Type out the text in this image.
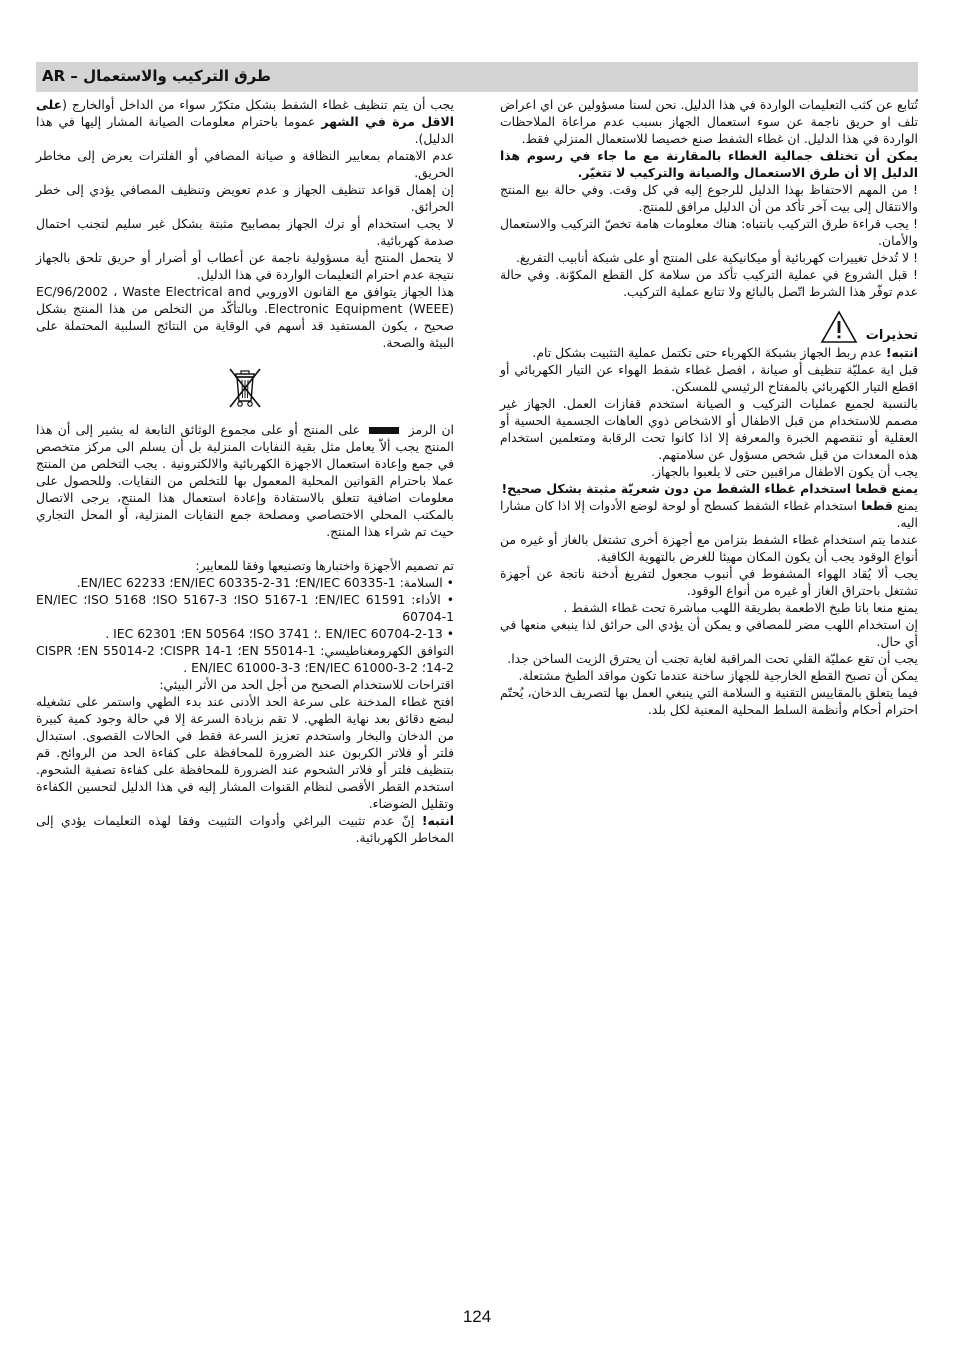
طرق التركيب والاستعمال – AR

تُتابع عن كثب التعليمات الواردة في هذا الدليل. نحن لسنا مسؤولين عن اي اعراض تلف او حريق ناجمة عن سوء استعمال الجهاز بسبب عدم مراعاة الملاحظات الواردة في هذا الدليل. ان غطاء الشفط صنع خصيصا للاستعمال المنزلي فقط.

يمكن أن تختلف جمالية الغطاء بالمقارنة مع ما جاء في رسوم هذا الدليل إلا أن طرق الاستعمال والصيانة والتركيب لا تتغيّر.

! من المهم الاحتفاظ بهذا الدليل للرجوع إليه في كل وقت. وفي حالة بيع المنتج والانتقال إلى بيت آخر تأكد من أن الدليل مرافق للمنتج.

! يجب قراءة طرق التركيب بانتباه: هناك معلومات هامة تخصّ التركيب والاستعمال والأمان.

! لا تُدخل تغييرات كهربائية أو ميكانيكية على المنتج أو على شبكة أنابيب التفريغ.

! قبل الشروع في عملية التركيب تأكد من سلامة كل القطع المكوّنة. وفي حالة عدم توفّر هذا الشرط اتّصل بالبائع ولا تتابع عملية التركيب.

تحذيرات

انتبه! عدم ربط الجهاز بشبكة الكهرباء حتى تكتمل عملية التثبيت بشكل تام.

قبل اية عمليّة تنظيف أو صيانة ، افصل غطاء شفط الهواء عن التيار الكهربائي أو اقطع التيار الكهربائي بالمفتاح الرئيسي للمسكن.

بالنسبة لجميع عمليات التركيب و الصيانة استخدم قفازات العمل. الجهاز غير مصمم للاستخدام من قبل الاطفال أو الاشخاص ذوي العاهات الجسمية الحسية أو العقلية أو تنقصهم الخبرة والمعرفة إلا اذا كانوا تحت الرقابة ومتعلمين استخدام هذه المعدات من قبل شخص مسؤول عن سلامتهم.

يجب أن يكون الاطفال مراقبين حتى لا يلعبوا بالجهاز.

يمنع قطعا استخدام غطاء الشفط من دون شعريّة مثبتة بشكل صحيح!

يمنع قطعا استخدام غطاء الشفط كسطح أو لوحة لوضع الأدوات إلا اذا كان مشارا اليه.

عندما يتم استخدام غطاء الشفط بتزامن مع أجهزة أخرى تشتغل بالغاز أو غيره من أنواع الوقود يجب أن يكون المكان مهيئا للغرض بالتهوية الكافية.

يجب ألا يُقاد الهواء المشفوط في أنبوب مجعول لتفريغ أدخنة ناتجة عن أجهزة تشتغل باحتراق الغاز أو غيره من أنواع الوقود.

يمنع منعا باتا طبخ الاطعمة بطريقة اللهب مباشرة تحت غطاء الشفط .

إن استخدام اللهب مضر للمصافي و يمكن أن يؤدي الى حرائق لذا ينبغي منعها في أي حال.

يجب أن تقع عمليّة القلي تحت المراقبة لغاية تجنب أن يحترق الزيت الساخن جدا.

يمكن أن تصبح القطع الخارجية للجهاز ساخنة عندما تكون مواقد الطبخ مشتعلة.

فيما يتعلق بالمقاييس التقنية و السلامة التي ينبغي العمل بها لتصريف الدخان، يُحتّم احترام أحكام وأنظمة السلط المحلية المعنية لكل بلد.

يجب أن يتم تنظيف غطاء الشفط بشكل متكرّر سواء من الداخل أوالخارج (على الاقل مرة في الشهر عموما باحترام معلومات الصيانة المشار إليها في هذا الدليل).

عدم الاهتمام بمعايير النظافة و صيانة المصافي أو الفلترات يعرض إلى مخاطر الحريق.

إن إهمال قواعد تنظيف الجهاز و عدم تعويض وتنظيف المصافي يؤدي إلى خطر الحرائق.

لا يجب استخدام أو ترك الجهاز بمصابيح مثبتة بشكل غير سليم لتجنب احتمال صدمة كهربائية.

لا يتحمل المنتج أية مسؤولية ناجمة عن أعطاب أو أضرار أو حريق تلحق بالجهاز نتيجة عدم احترام التعليمات الواردة في هذا الدليل.

هذا الجهاز يتوافق مع القانون الاوروبي EC/96/2002 ، Waste Electrical and Electronic Equipment (WEEE). وبالتأكّد من التخلص من هذا المنتج بشكل صحيح ، يكون المستفيد قد أسهم في الوقاية من النتائج السلبية المحتملة على البيئة والصحة.

ان الرمز  على المنتج أو على مجموع الوثائق التابعة له يشير إلى أن هذا المنتج يجب ألاّ يعامل مثل بقية النفايات المنزلية بل أن يسلم الى مركز متخصص في جمع وإعادة استعمال الاجهزة الكهربائية والالكترونية . يجب التخلص من المنتج عملا باحترام القوانين المحلية المعمول بها للتخلص من النفايات. وللحصول على معلومات اضافية تتعلق بالاستفادة وإعادة استعمال هذا المنتج، يرجى الاتصال بالمكتب المحلي الاختصاصي ومصلحة جمع النفايات المنزلية، أو المحل التجاري حيث تم شراء هذا المنتج.

تم تصميم الأجهزة واختبارها وتصنيعها وفقا للمعايير:

• السلامة: EN/IEC 60335-1؛ EN/IEC 60335-2-31؛ EN/IEC 62233.

• الأداء: EN/IEC 61591؛ ISO 5167-1؛ ISO 5167-3؛ ISO 5168؛ EN/IEC 60704-1

• EN/IEC 60704-2-13 .؛ ISO 3741؛ EN 50564؛ IEC 62301 .

التوافق الكهرومغناطيسي: EN 55014-1؛ CISPR 14-1؛ EN 55014-2؛ CISPR 14-2؛ EN/IEC 61000-3-2؛ EN/IEC 61000-3-3 .

اقتراحات للاستخدام الصحيح من أجل الحد من الأثر البيئي:

افتح غطاء المدخنة على سرعة الحد الأدنى عند بدء الطهي واستمر على تشغيله لبضع دقائق بعد نهاية الطهي. لا تقم بزيادة السرعة إلا في حالة وجود كمية كبيرة من الدخان والبخار واستخدم تعزيز السرعة فقط في الحالات القصوى. استبدال فلتر أو فلاتر الكربون عند الضرورة للمحافظة على كفاءة الحد من الروائح. قم بتنظيف فلتر أو فلاتر الشحوم عند الضرورة للمحافظة على كفاءة تصفية الشحوم. استخدم القطر الأقصى لنظام القنوات المشار إليه في هذا الدليل لتحسين الكفاءة وتقليل الضوضاء.

انتبه! إنّ عدم تثبيت البراغي وأدوات التثبيت وفقا لهذه التعليمات يؤدي إلى المخاطر الكهربائية.

124
